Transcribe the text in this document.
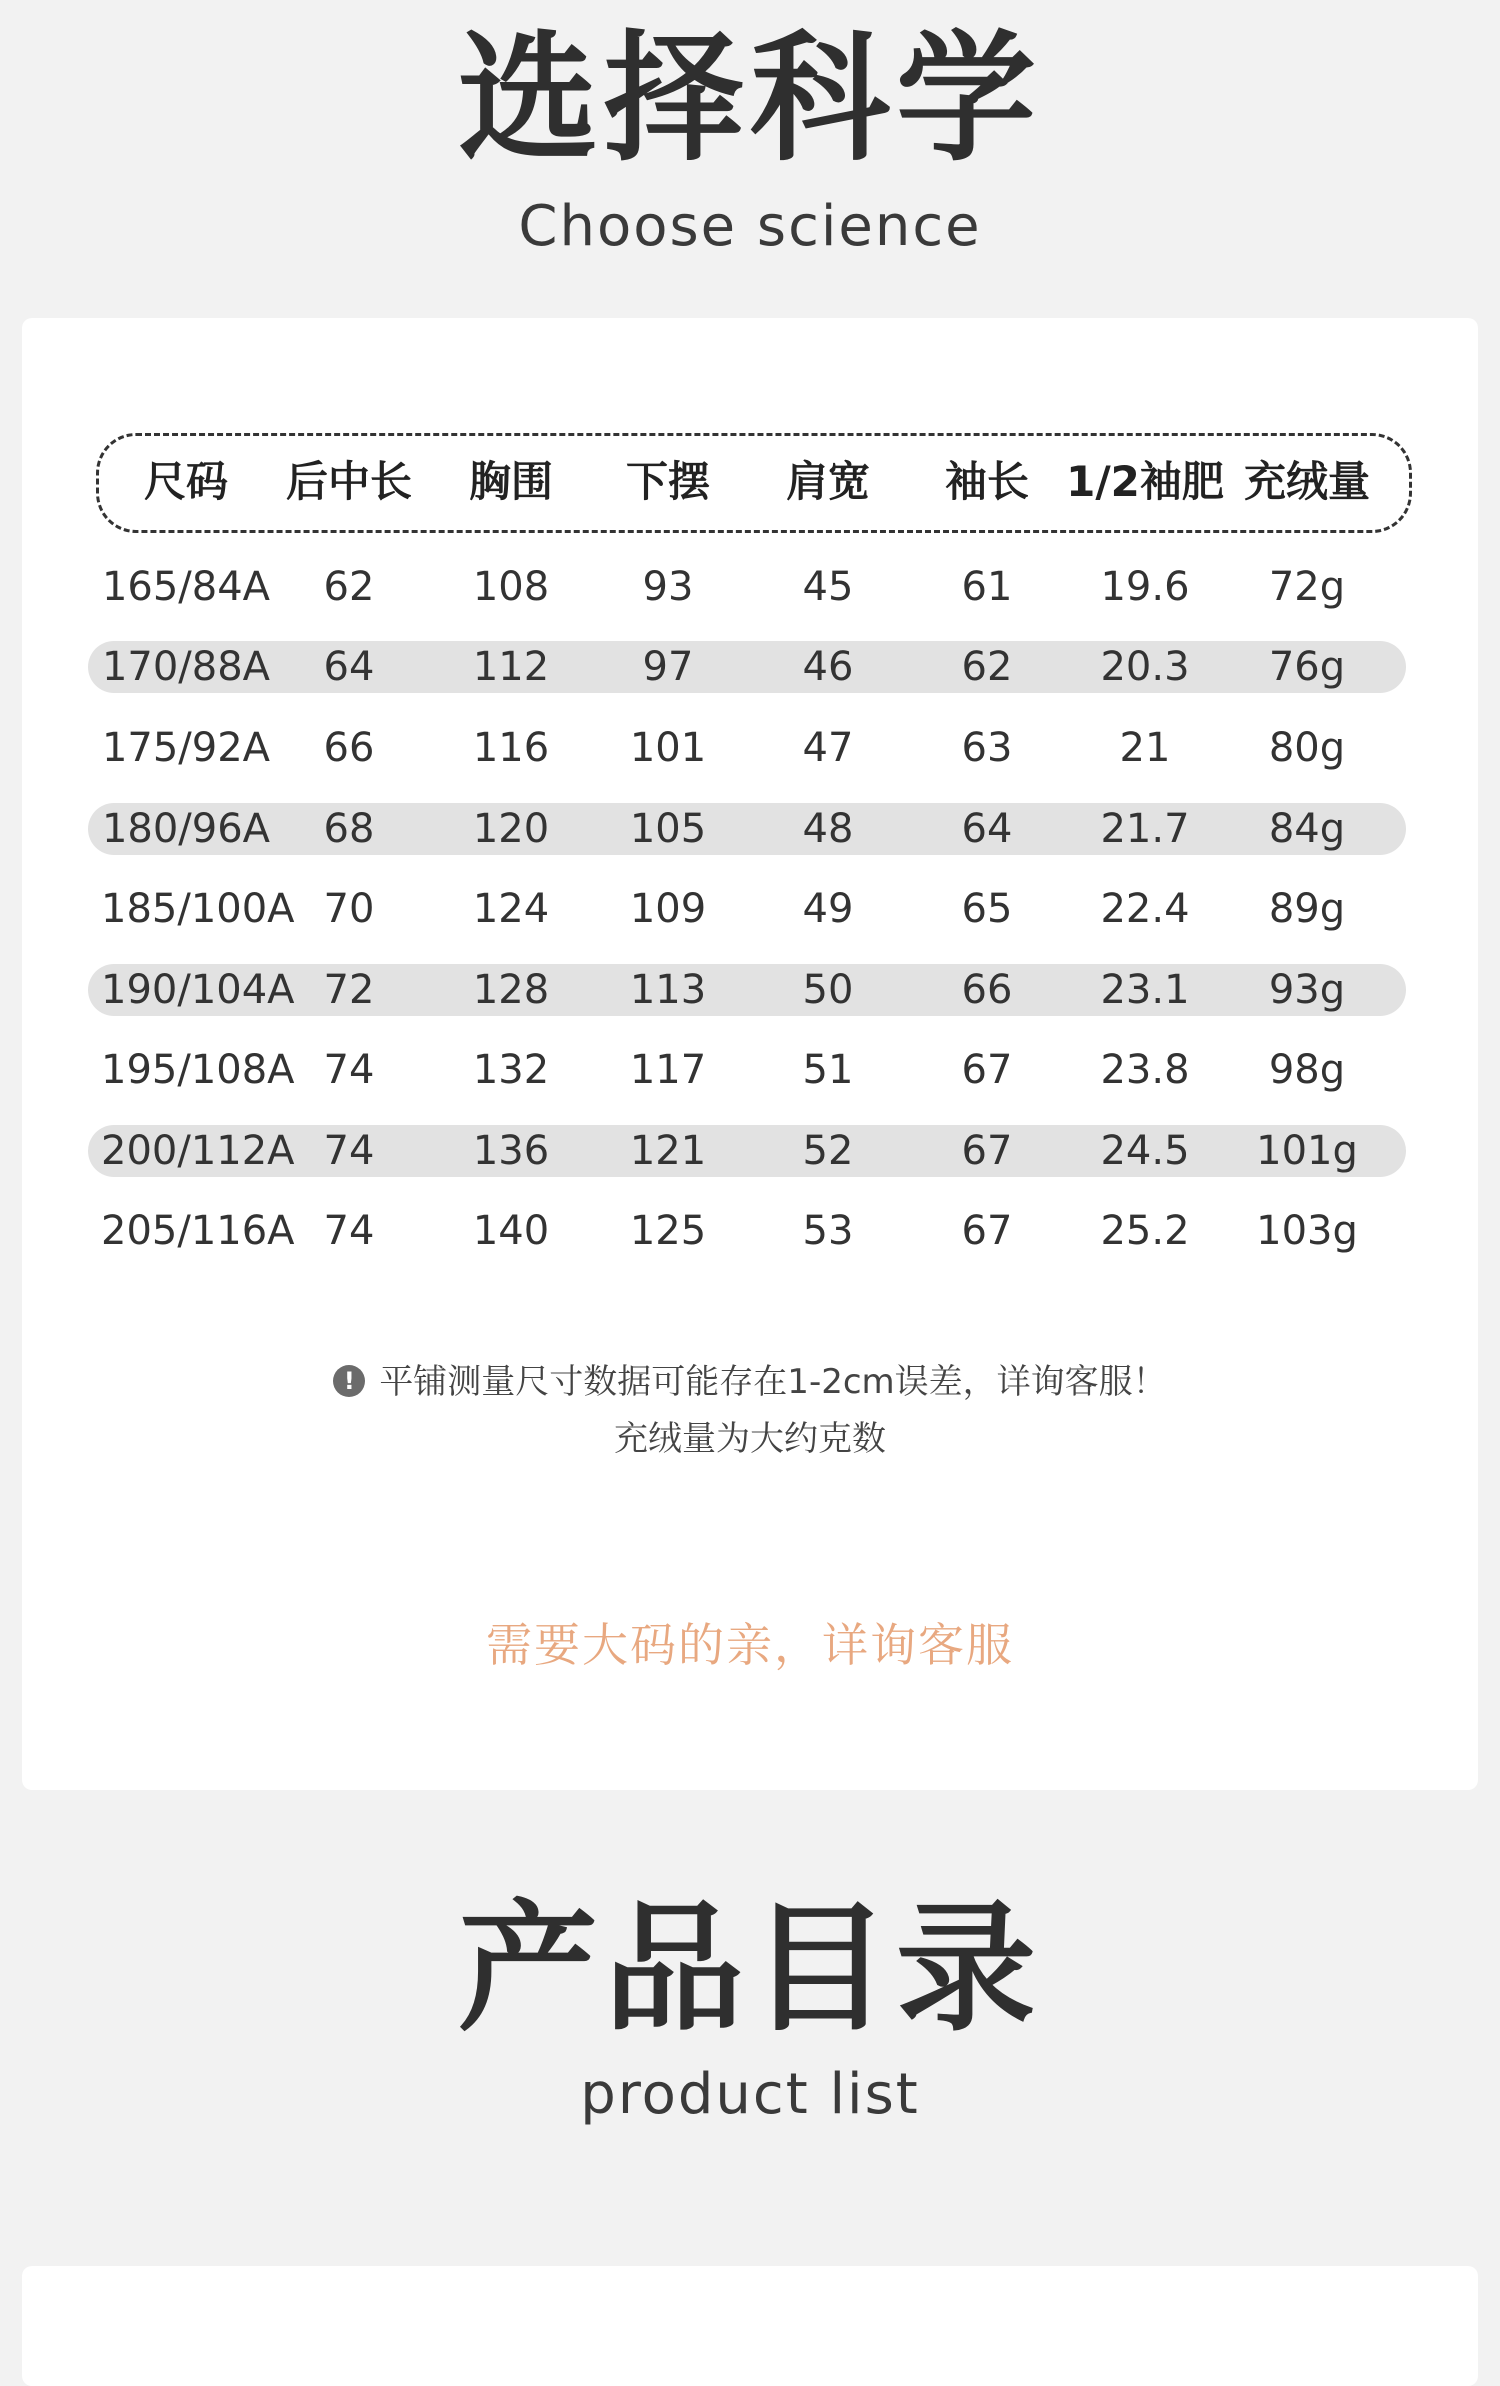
选择科学
Choose science
尺码	后中长	胸围	下摆	肩宽	袖长 1/2袖肥 充绒量
165/84A	62	108	93	45	61	19.6	72g
170/88A	64	112	97	46	62	20.3	76g
175/92A	66	116	101	47	63	21	80g
180/96A	68	120	105	48	64	21.7	84g
185/100A 70	124	109	49	65	22.4	89g
190/104A 72	128	113	50	66	23.1	93g
195/108A 74	132	117	51	67	23.8	98g
200/112A 74	136	121	52	67	24.5	101g
205/116A 74	140	125	53	67	25.2	103g
! 平铺测量尺寸数据可能存在1-2cm误差，详询客服！
充绒量为大约克数
需要大码的亲，详询客服
产品目录
product list
